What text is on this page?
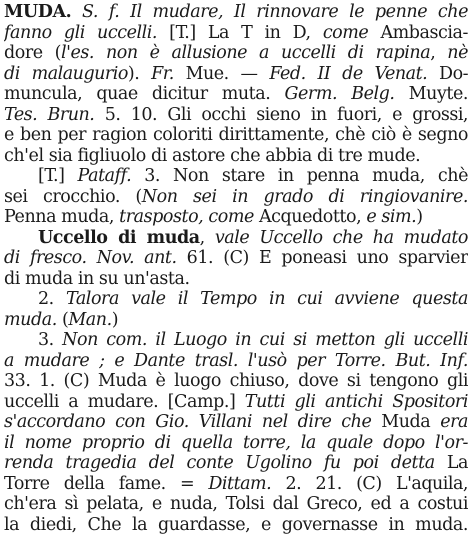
MUDA. S. f. Il mudare, Il rinnovare le penne che
fanno gli uccelli. [T.] La T in D, come Ambascia-
dore (l'es. non è allusione a uccelli di rapina, nè
di malaugurio). Fr. Mue. — Fed. II de Venat. Do-
muncula, quae dicitur muta. Germ. Belg. Muyte.
Tes. Brun. 5. 10. Gli occhi sieno in fuori, e grossi,
e ben per ragion coloriti dirittamente, chè ciò è segno
ch'el sia figliuolo di astore che abbia di tre mude.
[T.] Pataff. 3. Non stare in penna muda, chè
sei crocchio. (Non sei in grado di ringiovanire.
Penna muda, trasposto, come Acquedotto, e sim.)
Uccello di muda, vale Uccello che ha mudato
di fresco. Nov. ant. 61. (C) E poneasi uno sparvier
di muda in su un'asta.
2. Talora vale il Tempo in cui avviene questa
muda. (Man.)
3. Non com. il Luogo in cui si metton gli uccelli
a mudare ; e Dante trasl. l'usò per Torre. But. Inf.
33. 1. (C) Muda è luogo chiuso, dove si tengono gli
uccelli a mudare. [Camp.] Tutti gli antichi Spositori
s'accordano con Gio. Villani nel dire che Muda era
il nome proprio di quella torre, la quale dopo l'or-
renda tragedia del conte Ugolino fu poi detta La
Torre della fame. = Dittam. 2. 21. (C) L'aquila,
ch'era sì pelata, e nuda, Tolsi dal Greco, ed a costui
la diedi, Che la guardasse, e governasse in muda.
